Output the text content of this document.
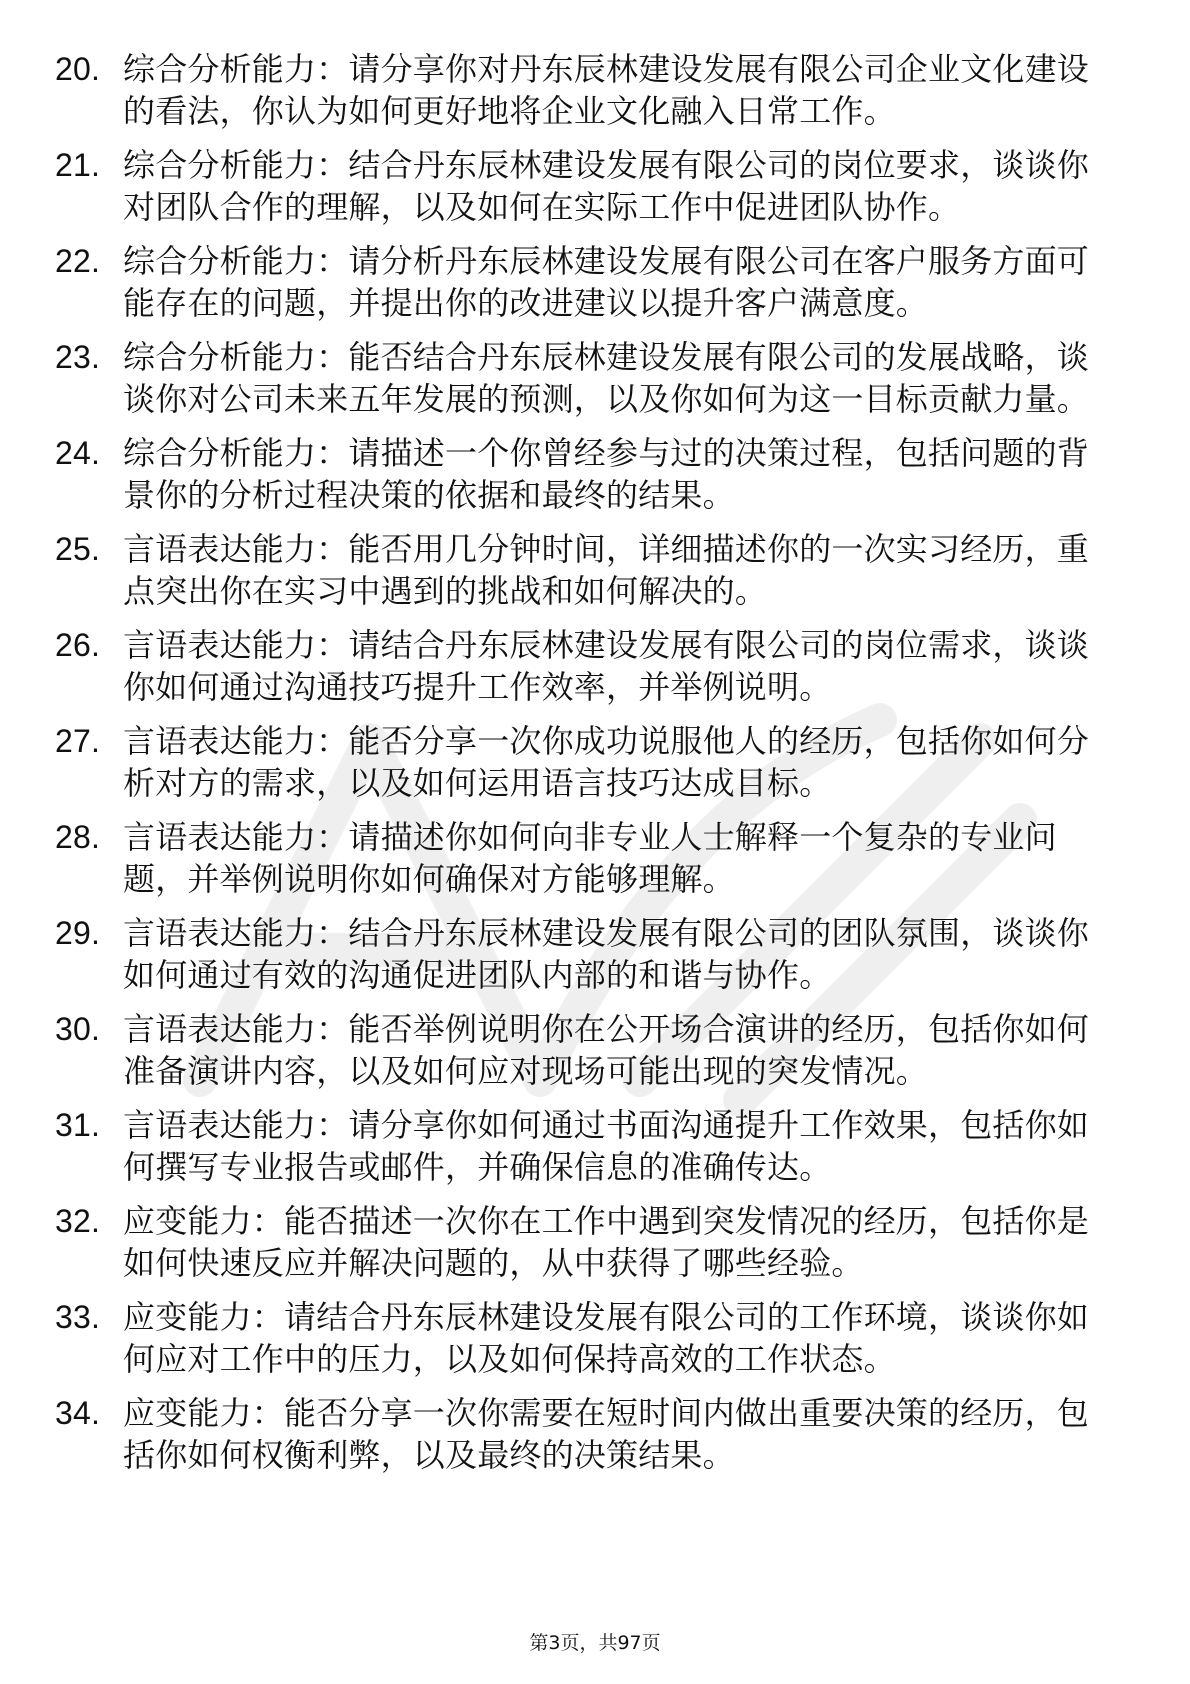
20. 综合分析能力：请分享你对丹东辰林建设发展有限公司企业文化建设的看法，你认为如何更好地将企业文化融入日常工作。
21. 综合分析能力：结合丹东辰林建设发展有限公司的岗位要求，谈谈你对团队合作的理解，以及如何在实际工作中促进团队协作。
22. 综合分析能力：请分析丹东辰林建设发展有限公司在客户服务方面可能存在的问题，并提出你的改进建议以提升客户满意度。
23. 综合分析能力：能否结合丹东辰林建设发展有限公司的发展战略，谈谈你对公司未来五年发展的预测，以及你如何为这一目标贡献力量。
24. 综合分析能力：请描述一个你曾经参与过的决策过程，包括问题的背景你的分析过程决策的依据和最终的结果。
25. 言语表达能力：能否用几分钟时间，详细描述你的一次实习经历，重点突出你在实习中遇到的挑战和如何解决的。
26. 言语表达能力：请结合丹东辰林建设发展有限公司的岗位需求，谈谈你如何通过沟通技巧提升工作效率，并举例说明。
27. 言语表达能力：能否分享一次你成功说服他人的经历，包括你如何分析对方的需求，以及如何运用语言技巧达成目标。
28. 言语表达能力：请描述你如何向非专业人士解释一个复杂的专业问题，并举例说明你如何确保对方能够理解。
29. 言语表达能力：结合丹东辰林建设发展有限公司的团队氛围，谈谈你如何通过有效的沟通促进团队内部的和谐与协作。
30. 言语表达能力：能否举例说明你在公开场合演讲的经历，包括你如何准备演讲内容，以及如何应对现场可能出现的突发情况。
31. 言语表达能力：请分享你如何通过书面沟通提升工作效果，包括你如何撰写专业报告或邮件，并确保信息的准确传达。
32. 应变能力：能否描述一次你在工作中遇到突发情况的经历，包括你是如何快速反应并解决问题的，从中获得了哪些经验。
33. 应变能力：请结合丹东辰林建设发展有限公司的工作环境，谈谈你如何应对工作中的压力，以及如何保持高效的工作状态。
34. 应变能力：能否分享一次你需要在短时间内做出重要决策的经历，包括你如何权衡利弊，以及最终的决策结果。
第3页，共97页
